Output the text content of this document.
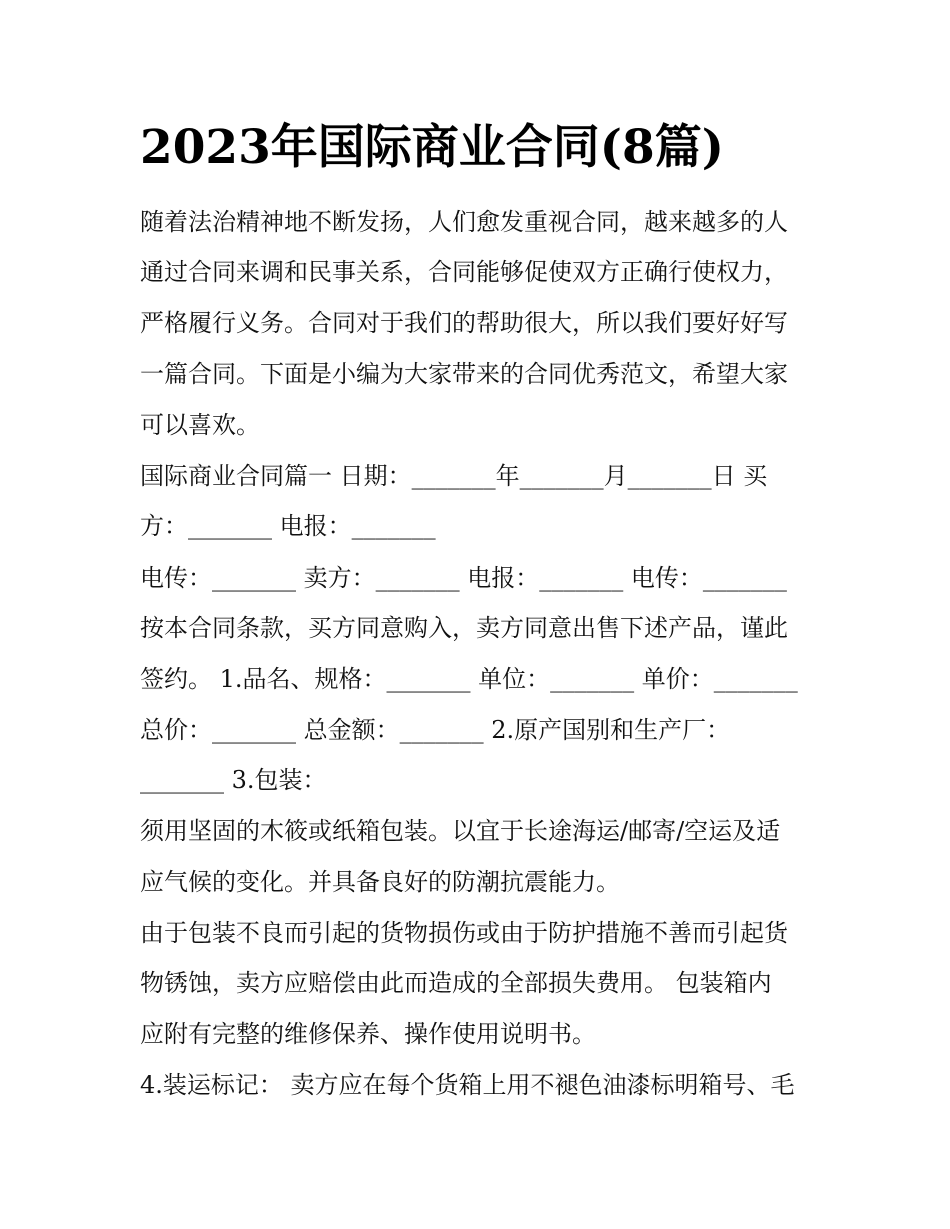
2023年国际商业合同(8篇)

随着法治精神地不断发扬，人们愈发重视合同，越来越多的人

通过合同来调和民事关系，合同能够促使双方正确行使权力，

严格履行义务。合同对于我们的帮助很大，所以我们要好好写

一篇合同。下面是小编为大家带来的合同优秀范文，希望大家

可以喜欢。

国际商业合同篇一 日期：_______年_______月_______日 买

方：_______ 电报：_______

电传：_______ 卖方：_______ 电报：_______ 电传：_______

按本合同条款，买方同意购入，卖方同意出售下述产品，谨此

签约。 1.品名、规格：_______ 单位：_______ 单价：_______

总价：_______ 总金额：_______ 2.原产国别和生产厂：

_______ 3.包装：

须用坚固的木筱或纸箱包装。以宜于长途海运/邮寄/空运及适

应气候的变化。并具备良好的防潮抗震能力。

由于包装不良而引起的货物损伤或由于防护措施不善而引起货

物锈蚀，卖方应赔偿由此而造成的全部损失费用。 包装箱内

应附有完整的维修保养、操作使用说明书。

4.装运标记： 卖方应在每个货箱上用不褪色油漆标明箱号、毛
